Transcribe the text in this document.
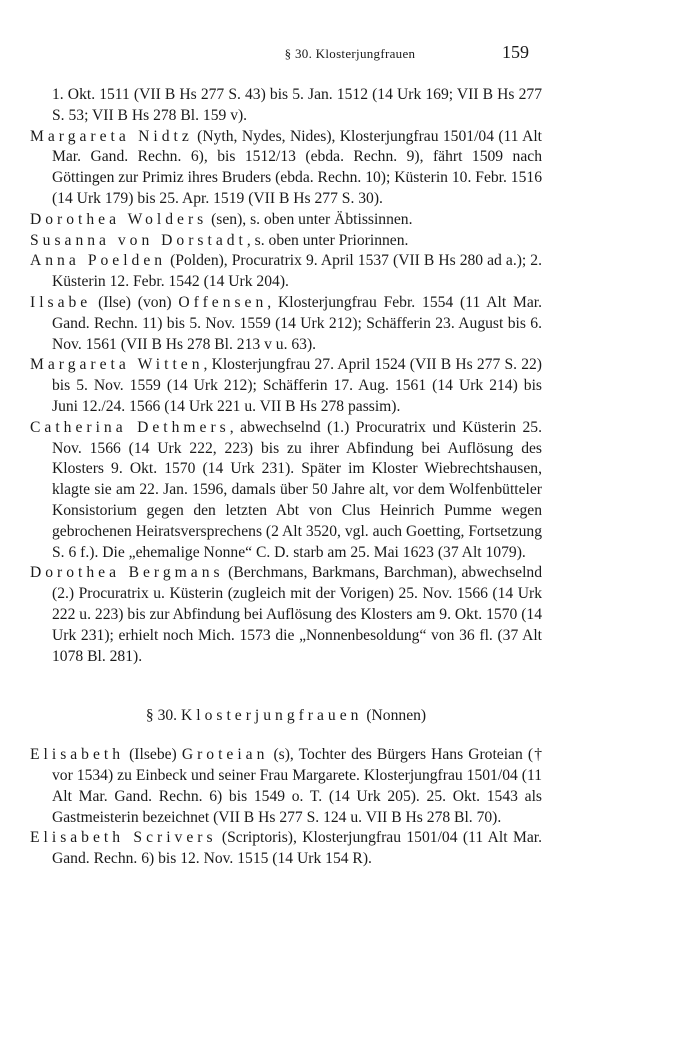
§ 30. Klosterjungfrauen	159

1. Okt. 1511 (VII B Hs 277 S. 43) bis 5. Jan. 1512 (14 Urk 169; VII B Hs 277 S. 53; VII B Hs 278 Bl. 159 v).

Margareta Nidtz (Nyth, Nydes, Nides), Klosterjungfrau 1501/04 (11 Alt Mar. Gand. Rechn. 6), bis 1512/13 (ebda. Rechn. 9), fährt 1509 nach Göttingen zur Primiz ihres Bruders (ebda. Rechn. 10); Küsterin 10. Febr. 1516 (14 Urk 179) bis 25. Apr. 1519 (VII B Hs 277 S. 30).

Dorothea Wolders (sen), s. oben unter Äbtissinnen.

Susanna von Dorstadt, s. oben unter Priorinnen.

Anna Poelden (Polden), Procuratrix 9. April 1537 (VII B Hs 280 ad a.); 2. Küsterin 12. Febr. 1542 (14 Urk 204).

Ilsabe (Ilse) (von) Offensen, Klosterjungfrau Febr. 1554 (11 Alt Mar. Gand. Rechn. 11) bis 5. Nov. 1559 (14 Urk 212); Schäfferin 23. August bis 6. Nov. 1561 (VII B Hs 278 Bl. 213 v u. 63).

Margareta Witten, Klosterjungfrau 27. April 1524 (VII B Hs 277 S. 22) bis 5. Nov. 1559 (14 Urk 212); Schäfferin 17. Aug. 1561 (14 Urk 214) bis Juni 12./24. 1566 (14 Urk 221 u. VII B Hs 278 passim).

Catherina Dethmers, abwechselnd (1.) Procuratrix und Küsterin 25. Nov. 1566 (14 Urk 222, 223) bis zu ihrer Abfindung bei Auflösung des Klosters 9. Okt. 1570 (14 Urk 231). Später im Kloster Wiebrechtshausen, klagte sie am 22. Jan. 1596, damals über 50 Jahre alt, vor dem Wolfenbütteler Konsistorium gegen den letzten Abt von Clus Heinrich Pumme wegen gebrochenen Heiratsversprechens (2 Alt 3520, vgl. auch Goetting, Fortsetzung S. 6 f.). Die „ehemalige Nonne“ C. D. starb am 25. Mai 1623 (37 Alt 1079).

Dorothea Bergmans (Berchmans, Barkmans, Barchman), abwechselnd (2.) Procuratrix u. Küsterin (zugleich mit der Vorigen) 25. Nov. 1566 (14 Urk 222 u. 223) bis zur Abfindung bei Auflösung des Klosters am 9. Okt. 1570 (14 Urk 231); erhielt noch Mich. 1573 die „Nonnenbesoldung“ von 36 fl. (37 Alt 1078 Bl. 281).

§ 30. Klosterjungfrauen (Nonnen)

Elisabeth (Ilsebe) Groteian (s), Tochter des Bürgers Hans Groteian († vor 1534) zu Einbeck und seiner Frau Margarete. Klosterjungfrau 1501/04 (11 Alt Mar. Gand. Rechn. 6) bis 1549 o. T. (14 Urk 205). 25. Okt. 1543 als Gastmeisterin bezeichnet (VII B Hs 277 S. 124 u. VII B Hs 278 Bl. 70).

Elisabeth Scrivers (Scriptoris), Klosterjungfrau 1501/04 (11 Alt Mar. Gand. Rechn. 6) bis 12. Nov. 1515 (14 Urk 154 R).
